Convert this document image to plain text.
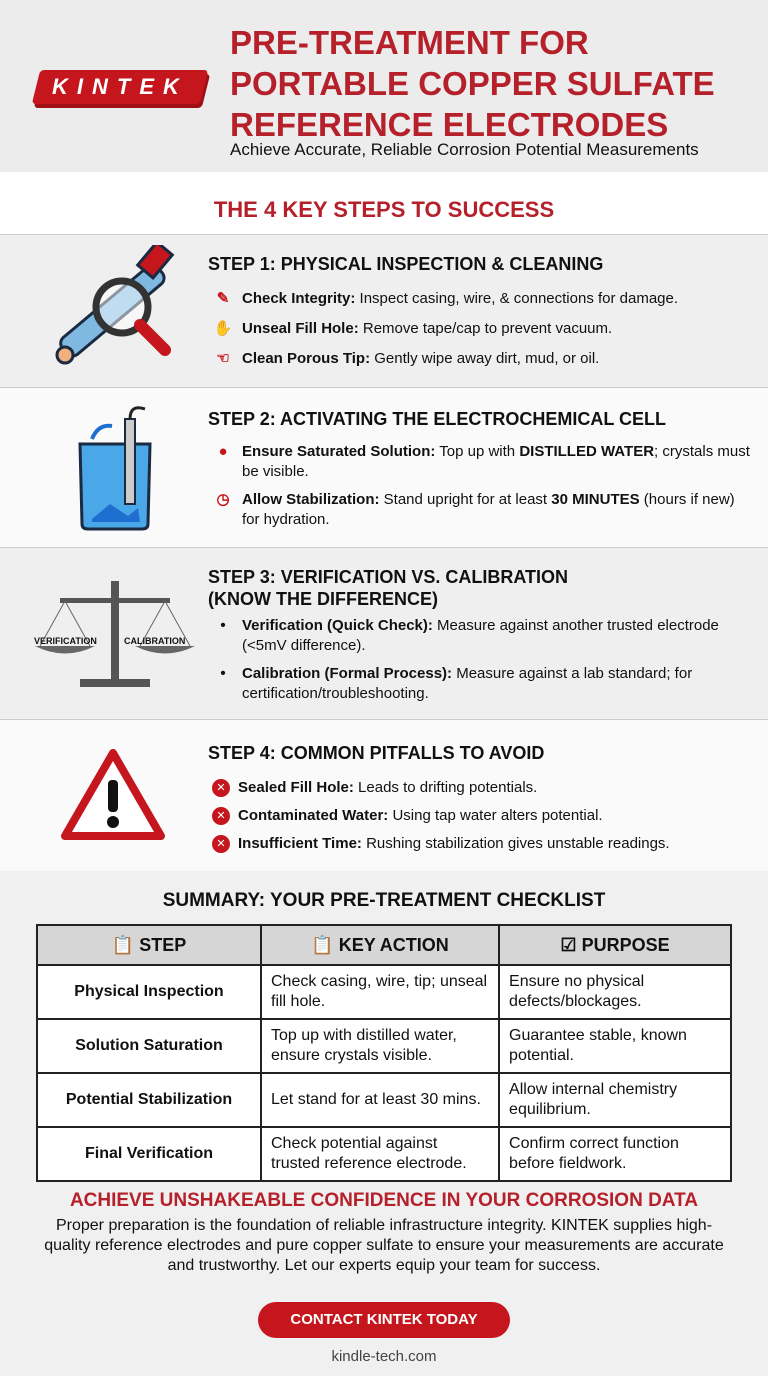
KINTEK
PRE-TREATMENT FOR PORTABLE COPPER SULFATE REFERENCE ELECTRODES
Achieve Accurate, Reliable Corrosion Potential Measurements
THE 4 KEY STEPS TO SUCCESS
STEP 1: PHYSICAL INSPECTION & CLEANING
✎ Check Integrity: Inspect casing, wire, & connections for damage.
✋ Unseal Fill Hole: Remove tape/cap to prevent vacuum.
☜ Clean Porous Tip: Gently wipe away dirt, mud, or oil.
STEP 2: ACTIVATING THE ELECTROCHEMICAL CELL
● Ensure Saturated Solution: Top up with DISTILLED WATER; crystals must be visible.
◷ Allow Stabilization: Stand upright for at least 30 MINUTES (hours if new) for hydration.
VERIFICATION	CALIBRATION
STEP 3: VERIFICATION VS. CALIBRATION
(KNOW THE DIFFERENCE)
•	Verification (Quick Check): Measure against another trusted electrode (<5mV difference).
•	Calibration (Formal Process): Measure against a lab standard; for certification/troubleshooting.
STEP 4: COMMON PITFALLS TO AVOID
✕ Sealed Fill Hole: Leads to drifting potentials.
✕ Contaminated Water: Using tap water alters potential.
✕ Insufficient Time: Rushing stabilization gives unstable readings.
SUMMARY: YOUR PRE-TREATMENT CHECKLIST
📋 STEP	📋 KEY ACTION	☑ PURPOSE
Physical Inspection	Check casing, wire, tip; unseal fill hole.	Ensure no physical defects/blockages.
Solution Saturation	Top up with distilled water, ensure crystals visible.	Guarantee stable, known potential.
Potential Stabilization	Let stand for at least 30 mins.	Allow internal chemistry equilibrium.
Final Verification	Check potential against trusted reference electrode.	Confirm correct function before fieldwork.
ACHIEVE UNSHAKEABLE CONFIDENCE IN YOUR CORROSION DATA
Proper preparation is the foundation of reliable infrastructure integrity. KINTEK supplies high-quality reference electrodes and pure copper sulfate to ensure your measurements are accurate and trustworthy. Let our experts equip your team for success.
CONTACT KINTEK TODAY
kindle-tech.com
